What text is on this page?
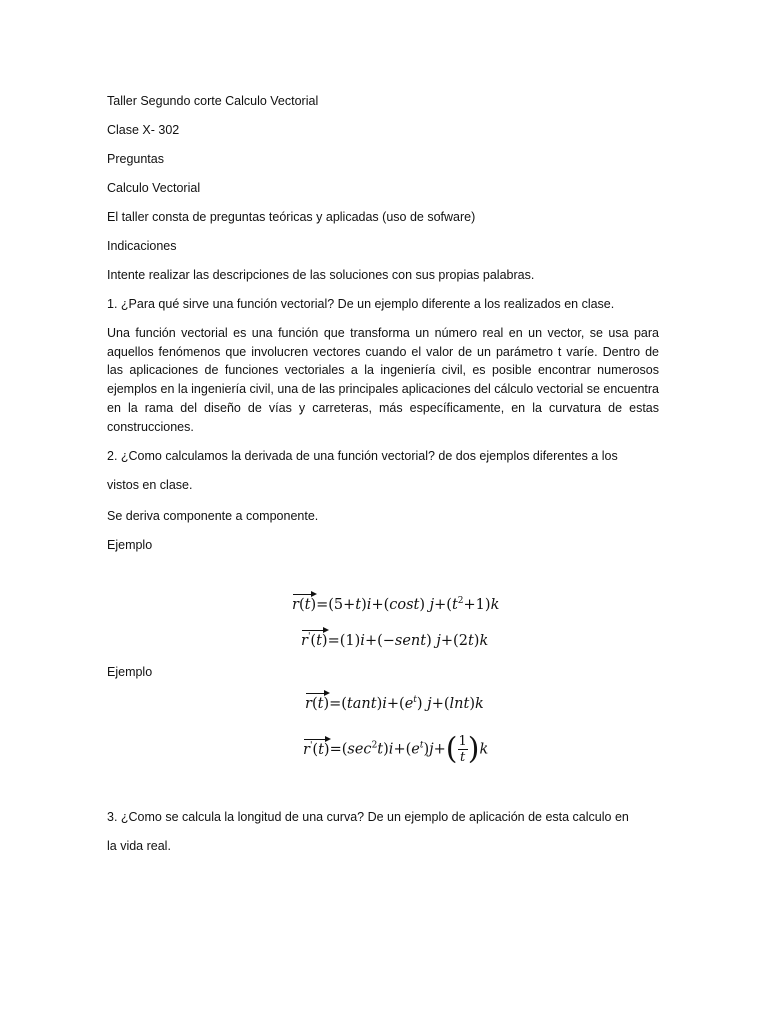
Taller Segundo corte Calculo Vectorial

Clase X- 302

Preguntas

Calculo Vectorial

El taller consta de preguntas teóricas y aplicadas (uso de sofware)

Indicaciones

Intente realizar las descripciones de las soluciones con sus propias palabras.

1. ¿Para qué sirve una función vectorial? De un ejemplo diferente a los realizados en clase.

Una función vectorial es una función que transforma un número real en un vector, se usa para
aquellos fenómenos que involucren vectores cuando el valor de un parámetro t varíe. Dentro de
las aplicaciones de funciones vectoriales a la ingeniería civil, es posible encontrar numerosos
ejemplos en la ingeniería civil, una de las principales aplicaciones del cálculo vectorial se encuentra
en la rama del diseño de vías y carreteras, más específicamente, en la curvatura de estas
construcciones.

2. ¿Como calculamos la derivada de una función vectorial? de dos ejemplos diferentes a los

vistos en clase.

Se deriva componente a componente.

Ejemplo

r(t)=(5+t)i+(cost) $j+(t^2+1)k$
r'(t)=(1)i+(−sent) j+(2t)k

Ejemplo

$r(t)=(\tan t)i+(e^t)$ j+(lnt)k
$r'(t)=(\sec^2t)i+(e^t)j+( \frac{1}{t} )k$

3. ¿Como se calcula la longitud de una curva? De un ejemplo de aplicación de esta calculo en

la vida real.
